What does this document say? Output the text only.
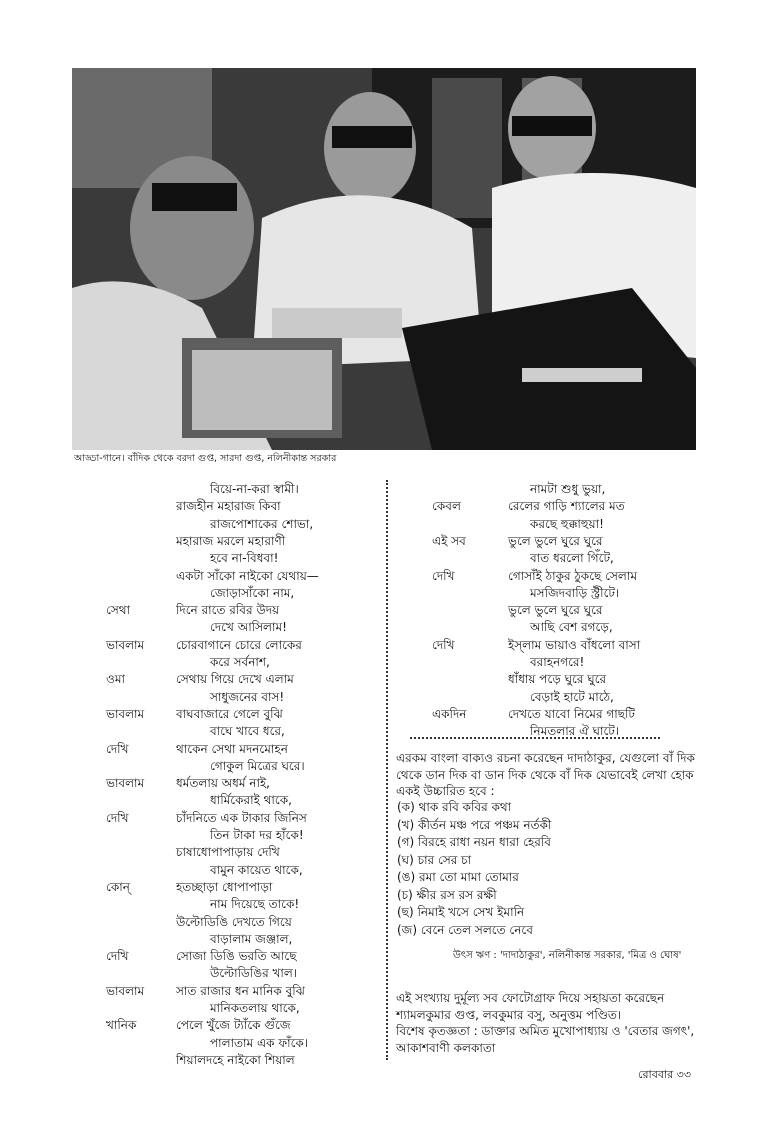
আড্ডা-গানে। বাঁদিক থেকে বরদা গুপ্ত, সারদা গুপ্ত, নলিনীকান্ত সরকার
বিয়ে-না-করা স্বামী।
রাজহীন মহারাজ কিবা
রাজপোশাকের শোভা,
মহারাজ মরলে মহারাণী
হবে না-বিধবা!
একটা সাঁকো নাইকো যেথায়—
জোড়াসাঁকো নাম,
সেথা	দিনে রাতে রবির উদয়
দেখে আসিলাম!
ভাবলাম	চোরবাগানে চোরে লোকের
করে সর্বনাশ,
ওমা	সেথায় গিয়ে দেখে এলাম
সাধুজনের বাস!
ভাবলাম	বাঘবাজারে গেলে বুঝি
বাঘে খাবে ধরে,
দেখি	থাকেন সেথা মদনমোহন
গোকুল মিত্রের ঘরে।
ভাবলাম	ধর্মতলায় অধর্ম নাই,
ধার্মিকেরাই থাকে,
দেখি	চাঁদনিতে এক টাকার জিনিস
তিন টাকা দর হাঁকে!
চাষাধোপাপাড়ায় দেখি
বামুন কায়েত থাকে,
কোন্	হতচ্ছাড়া ধোপাপাড়া
নাম দিয়েছে তাকে!
উল্টোডিঙি দেখতে গিয়ে
বাড়ালাম জঞ্জাল,
দেখি	সোজা ডিঙি ভরতি আছে
উল্টোডিঙির খাল।
ভাবলাম	সাত রাজার ধন মানিক বুঝি
মানিকতলায় থাকে,
খানিক	পেলে খুঁজে ট্যাঁকে গুঁজে
পালাতাম এক ফাঁকে।
শিয়ালদহে নাইকো শিয়াল
নামটা শুধু ভুয়া,
কেবল	রেলের গাড়ি শ্যালের মত
করছে হুক্কাহুয়া!
এই সব	ভুলে ভুলে ঘুরে ঘুরে
বাত ধরলো গিঁটে,
দেখি	গোসাঁই ঠাকুর ঠুকছে সেলাম
মসজিদবাড়ি স্ট্রীটে।
ভুলে ভুলে ঘুরে ঘুরে
আছি বেশ রগড়ে,
দেখি	ইস্‌লাম ভায়াও বাঁধলো বাসা
বরাহনগরে!
ধাঁধায় পড়ে ঘুরে ঘুরে
বেড়াই হাটে মাঠে,
একদিন	দেখতে যাবো নিমের গাছটি
নিমতলার ঐ ঘাটে।
এরকম বাংলা বাক্যও রচনা করেছেন দাদাঠাকুর, যেগুলো বাঁ দিক
থেকে ডান দিক বা ডান দিক থেকে বাঁ দিক যেভাবেই লেখা হোক
একই উচ্চারিত হবে :
(ক) থাক রবি কবির কথা
(খ) কীর্তন মঞ্চ পরে পঞ্চম নর্তকী
(গ) বিরহে রাধা নয়ন ধারা হেরবি
(ঘ) চার সের চা
(ঙ) রমা তো মামা তোমার
(চ) ক্ষীর রস রস রক্ষী
(ছ) নিমাই খসে সেখ ইমানি
(জ) বেনে তেল সলতে নেবে
উৎস ঋণ : 'দাদাঠাকুর', নলিনীকান্ত সরকার, 'মিত্র ও ঘোষ'
এই সংখ্যায় দুর্মূল্য সব ফোটোগ্রাফ দিয়ে সহায়তা করেছেন
শ্যামলকুমার গুপ্ত, লবকুমার বসু, অনুত্তম পণ্ডিত।
বিশেষ কৃতজ্ঞতা : ডাক্তার অমিত মুখোপাধ্যায় ও 'বেতার জগৎ',
আকাশবাণী কলকাতা
রোববার ৩৩
